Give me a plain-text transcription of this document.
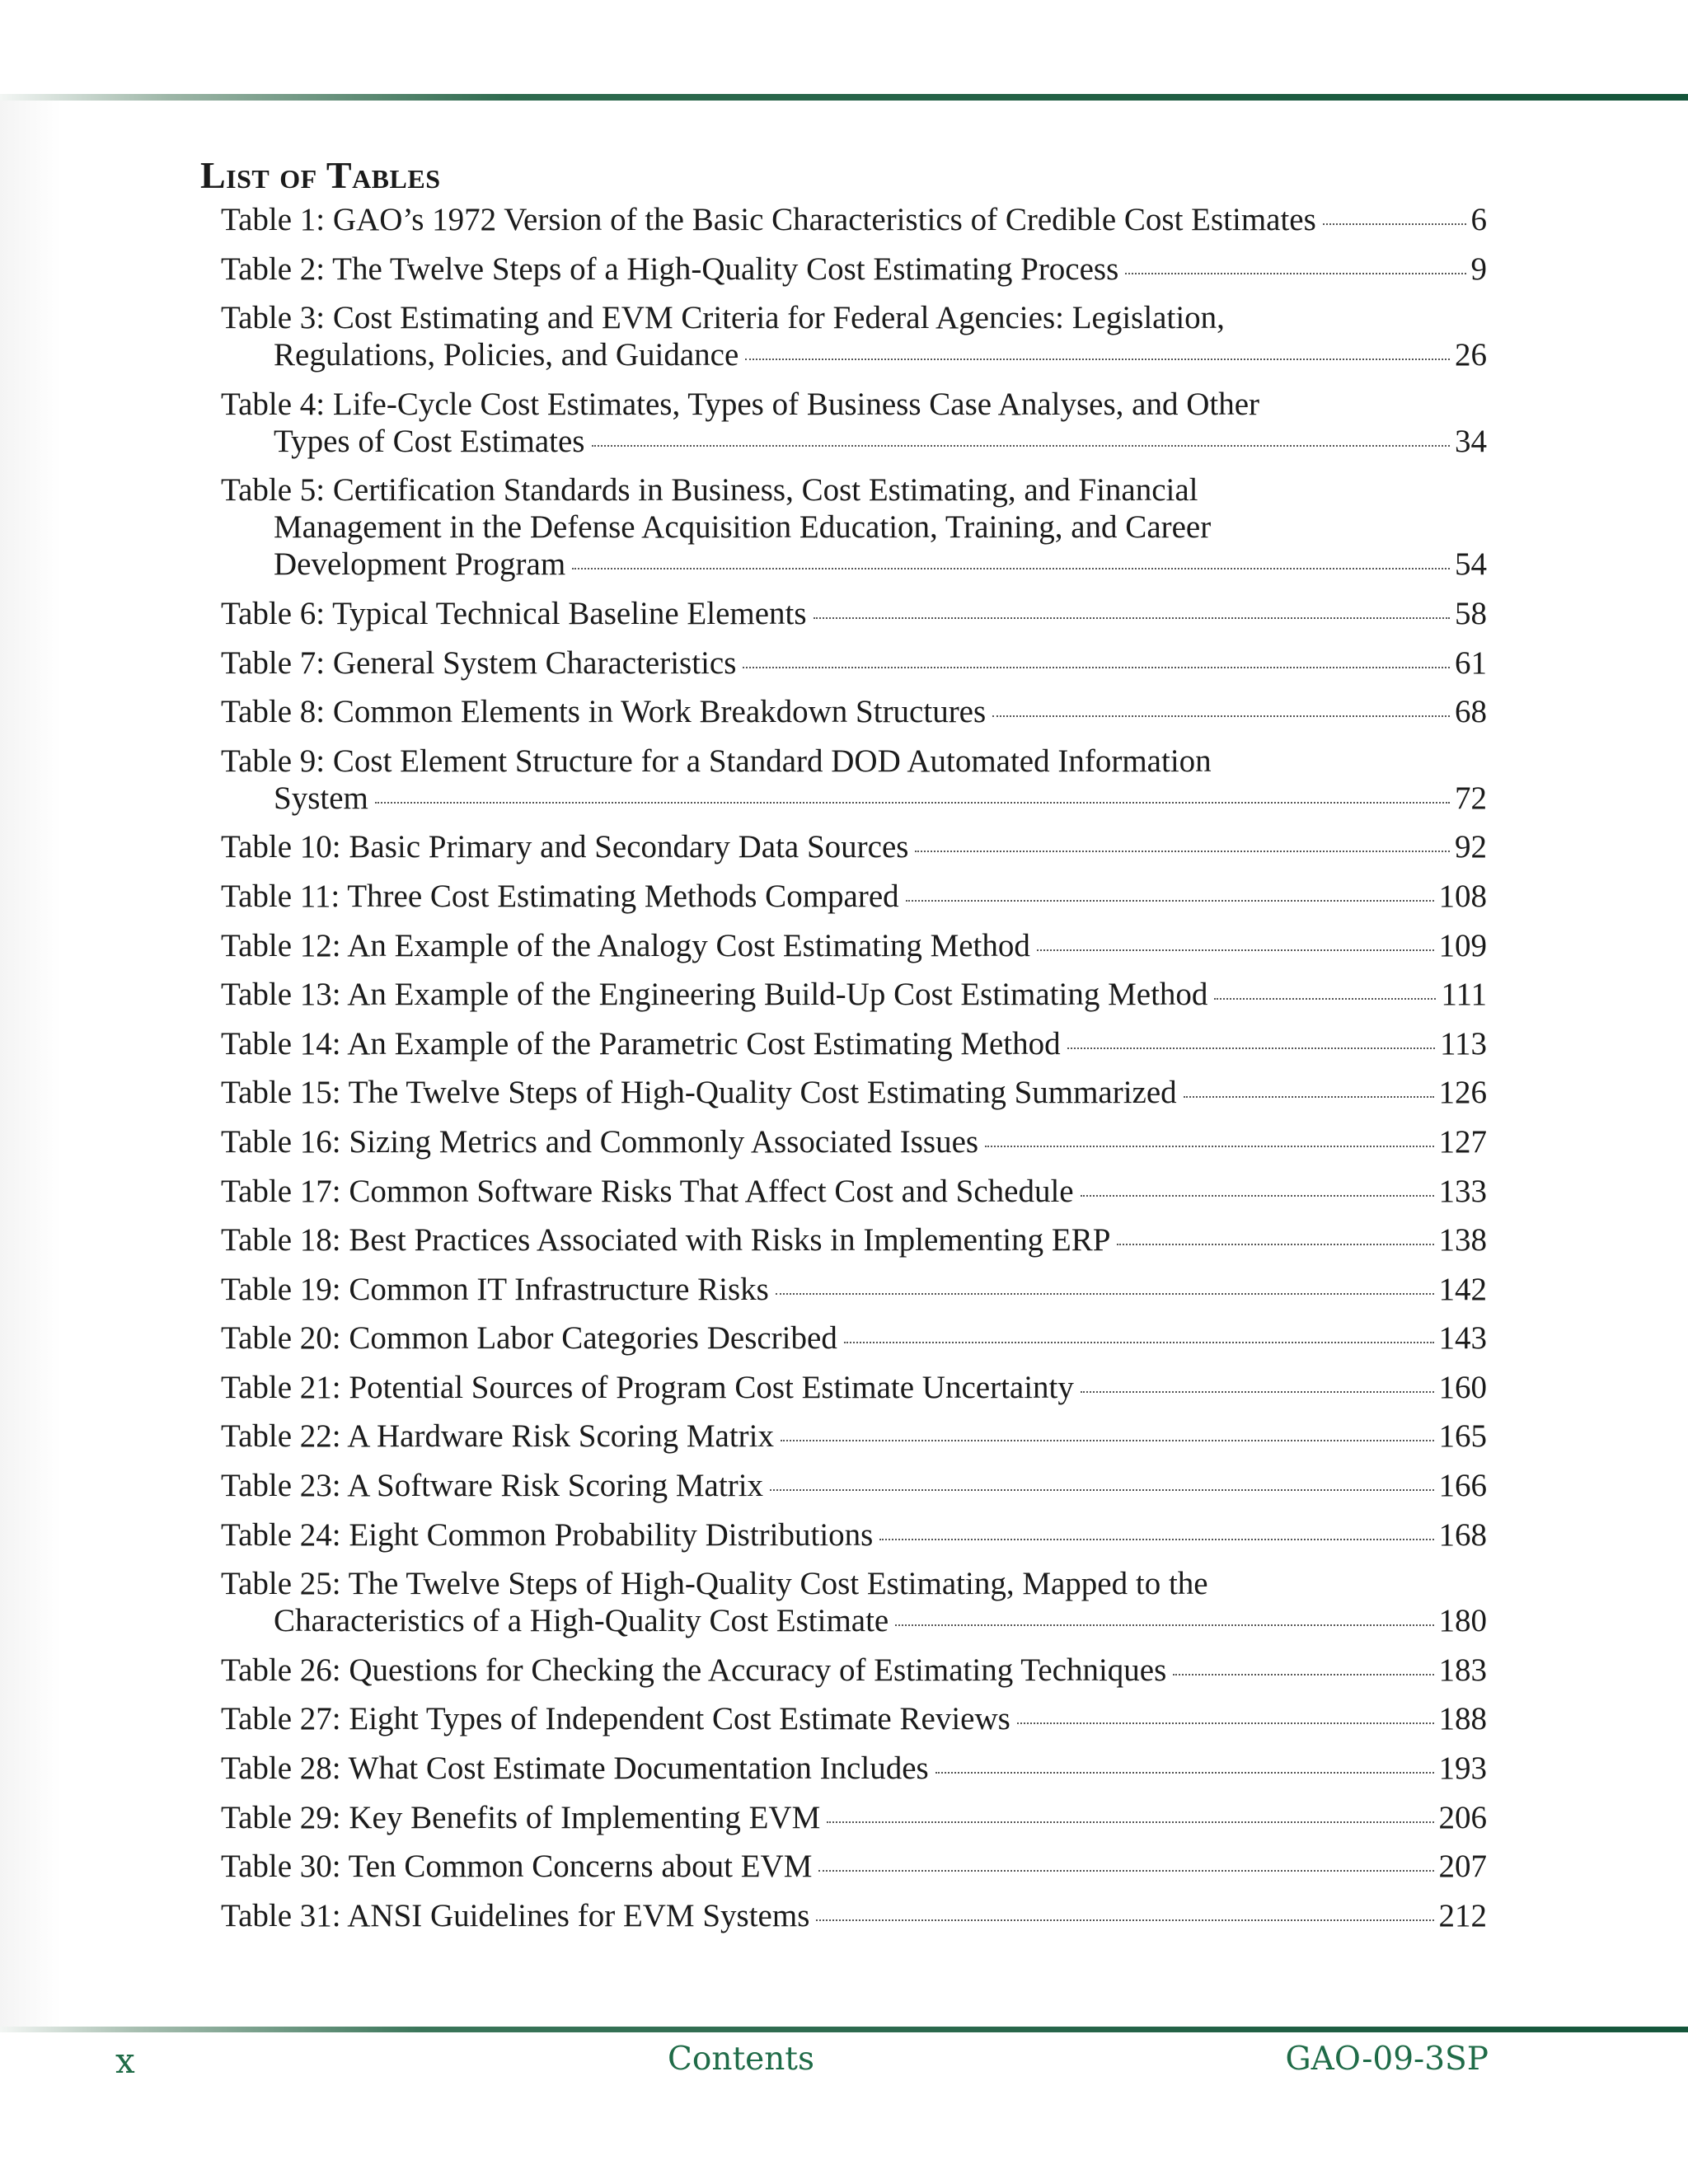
List of Tables
Table 1: GAO’s 1972 Version of the Basic Characteristics of Credible Cost Estimates	6
Table 2: The Twelve Steps of a High-Quality Cost Estimating Process	9
Table 3: Cost Estimating and EVM Criteria for Federal Agencies: Legislation,
Regulations, Policies, and Guidance	26
Table 4: Life-Cycle Cost Estimates, Types of Business Case Analyses, and Other
Types of Cost Estimates	34
Table 5: Certification Standards in Business, Cost Estimating, and Financial
Management in the Defense Acquisition Education, Training, and Career
Development Program	54
Table 6: Typical Technical Baseline Elements	58
Table 7: General System Characteristics	61
Table 8: Common Elements in Work Breakdown Structures	68
Table 9: Cost Element Structure for a Standard DOD Automated Information
System	72
Table 10: Basic Primary and Secondary Data Sources	92
Table 11: Three Cost Estimating Methods Compared	108
Table 12: An Example of the Analogy Cost Estimating Method	109
Table 13: An Example of the Engineering Build-Up Cost Estimating Method	111
Table 14: An Example of the Parametric Cost Estimating Method	113
Table 15: The Twelve Steps of High-Quality Cost Estimating Summarized	126
Table 16: Sizing Metrics and Commonly Associated Issues	127
Table 17: Common Software Risks That Affect Cost and Schedule	133
Table 18: Best Practices Associated with Risks in Implementing ERP	138
Table 19: Common IT Infrastructure Risks	142
Table 20: Common Labor Categories Described	143
Table 21: Potential Sources of Program Cost Estimate Uncertainty	160
Table 22: A Hardware Risk Scoring Matrix	165
Table 23: A Software Risk Scoring Matrix	166
Table 24: Eight Common Probability Distributions	168
Table 25: The Twelve Steps of High-Quality Cost Estimating, Mapped to the
Characteristics of a High-Quality Cost Estimate	180
Table 26: Questions for Checking the Accuracy of Estimating Techniques	183
Table 27: Eight Types of Independent Cost Estimate Reviews	188
Table 28: What Cost Estimate Documentation Includes	193
Table 29: Key Benefits of Implementing EVM	206
Table 30: Ten Common Concerns about EVM	207
Table 31: ANSI Guidelines for EVM Systems	212
x	Contents	GAO-09-3SP
